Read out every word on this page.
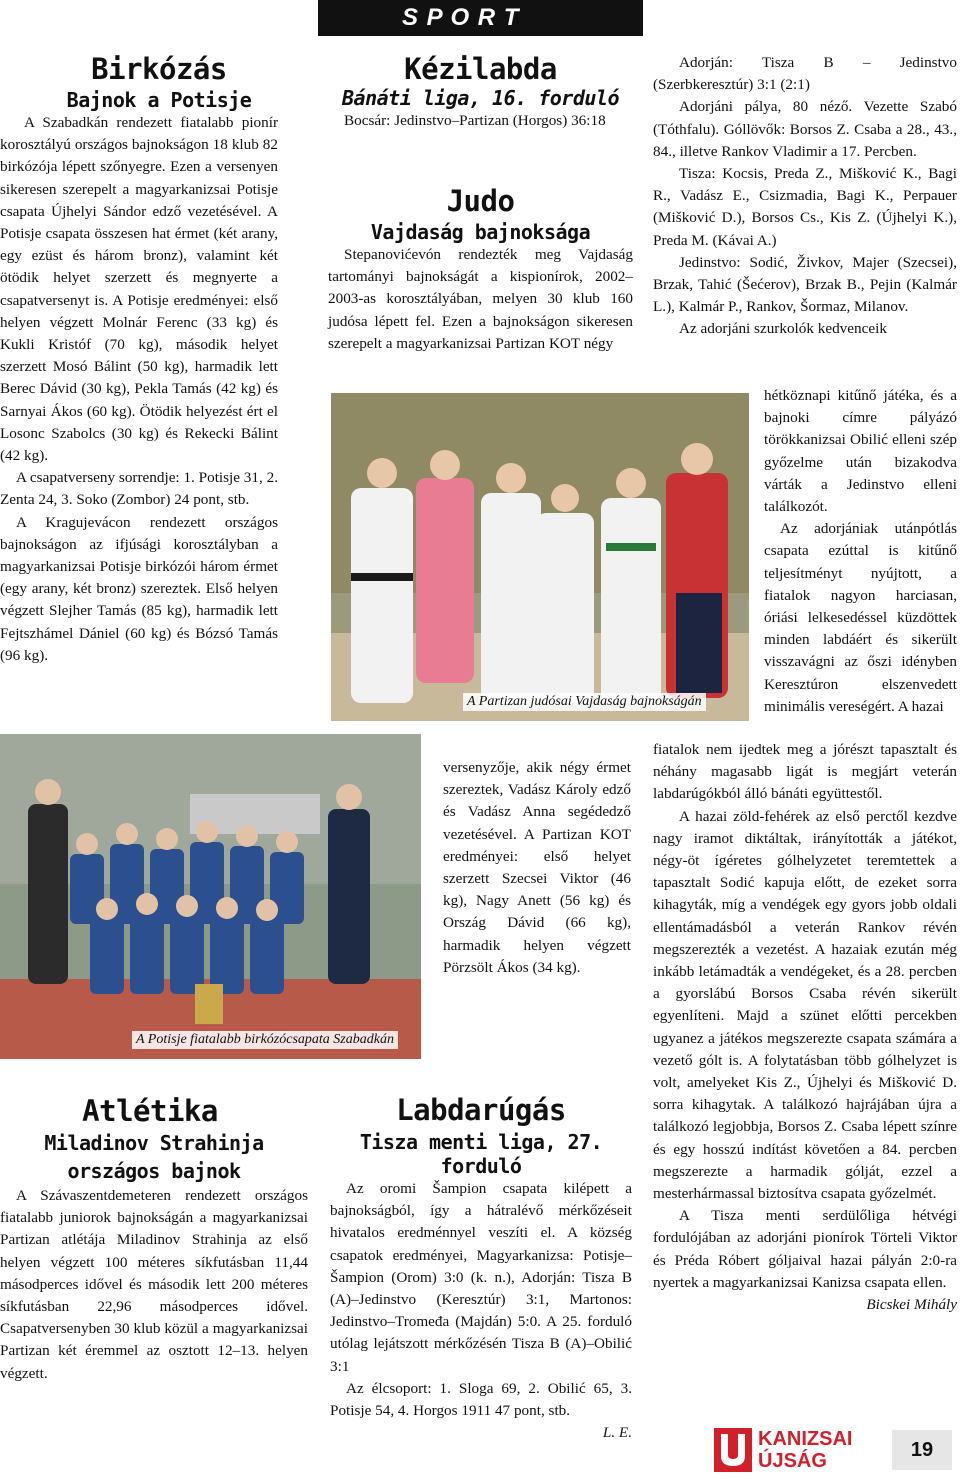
S P O R T
Birkózás
Bajnok a Potisje

A Szabadkán rendezett fiatalabb pionír korosztályú országos bajnokságon 18 klub 82 birkózója lépett szőnyegre. Ezen a versenyen sikeresen szerepelt a magyarkanizsai Potisje csapata Újhelyi Sándor edző vezetésével. A Potisje csapata összesen hat érmet (két arany, egy ezüst és három bronz), valamint két ötödik helyet szerzett és megnyerte a csapatversenyt is. A Potisje eredményei: első helyen végzett Molnár Ferenc (33 kg) és Kukli Kristóf (70 kg), második helyet szerzett Mosó Bálint (50 kg), harmadik lett Berec Dávid (30 kg), Pekla Tamás (42 kg) és Sarnyai Ákos (60 kg). Ötödik helyezést ért el Losonc Szabolcs (30 kg) és Rekecki Bálint (42 kg).

A csapatverseny sorrendje: 1. Potisje 31, 2. Zenta 24, 3. Soko (Zombor) 24 pont, stb.

A Kragujevácon rendezett országos bajnokságon az ifjúsági korosztályban a magyarkanizsai Potisje birkózói három érmet (egy arany, két bronz) szereztek. Első helyen végzett Slejher Tamás (85 kg), harmadik lett Fejtszhámel Dániel (60 kg) és Bózsó Tamás (96 kg).

A Potisje fiatalabb birkózócsapata Szabadkán
Atlétika
Miladinov Strahinja
országos bajnok

A Szávaszentdemeteren rendezett országos fiatalabb juniorok bajnokságán a magyarkanizsai Partizan atlétája Miladinov Strahinja az első helyen végzett 100 méteres síkfutásban 11,44 másodperces idővel és második lett 200 méteres síkfutásban 22,96 másodperces idővel. Csapatversenyben 30 klub közül a magyarkanizsai Partizan két éremmel az osztott 12–13. helyen végzett.

Kézilabda
Bánáti liga, 16. forduló

Bocsár: Jedinstvo–Partizan (Horgos) 36:18

Judo
Vajdaság bajnoksága

Stepanovićevón rendezték meg Vajdaság tartományi bajnokságát a kispionírok, 2002–2003-as korosztályában, melyen 30 klub 160 judósa lépett fel. Ezen a bajnokságon sikeresen szerepelt a magyarkanizsai Partizan KOT négy

A Partizan judósai Vajdaság bajnokságán

versenyzője, akik négy érmet szereztek, Vadász Károly edző és Vadász Anna segédedző vezetésével. A Partizan KOT eredményei: első helyet szerzett Szecsei Viktor (46 kg), Nagy Anett (56 kg) és Ország Dávid (66 kg), harmadik helyen végzett Pörzsölt Ákos (34 kg).

Labdarúgás
Tisza menti liga, 27. forduló

Az oromi Šampion csapata kilépett a bajnokságból, így a hátralévő mérkőzéseit hivatalos eredménnyel veszíti el. A község csapatok eredményei, Magyarkanizsa: Potisje–Šampion (Orom) 3:0 (k. n.), Adorján: Tisza B (A)–Jedinstvo (Keresztúr) 3:1, Martonos: Jedinstvo–Tromeđa (Majdán) 5:0. A 25. forduló utólag lejátszott mérkőzésén Tisza B (A)–Obilić 3:1

Az élcsoport: 1. Sloga 69, 2. Obilić 65, 3. Potisje 54, 4. Horgos 1911 47 pont, stb.

L. E.

Adorján: Tisza B – Jedinstvo (Szerbkeresztúr) 3:1 (2:1)

Adorjáni pálya, 80 néző. Vezette Szabó (Tóthfalu). Góllövők: Borsos Z. Csaba a 28., 43., 84., illetve Rankov Vladimir a 17. Percben.

Tisza: Kocsis, Preda Z., Mišković K., Bagi R., Vadász E., Csizmadia, Bagi K., Perpauer (Mišković D.), Borsos Cs., Kis Z. (Újhelyi K.), Preda M. (Kávai A.)

Jedinstvo: Sodić, Živkov, Majer (Szecsei), Brzak, Tahić (Šećerov), Brzak B., Pejin (Kalmár L.), Kalmár P., Rankov, Šormaz, Milanov.

Az adorjáni szurkolók kedvenceik

hétköznapi kitűnő játéka, és a bajnoki címre pályázó törökkanizsai Obilić elleni szép győzelme után bizakodva várták a Jedinstvo elleni találkozót.

Az adorjániak utánpótlás csapata ezúttal is kitűnő teljesítményt nyújtott, a fiatalok nagyon harciasan, óriási lelkesedéssel küzdöttek minden labdáért és sikerült visszavágni az őszi idényben Keresztúron elszenvedett minimális vereségért. A hazai

fiatalok nem ijedtek meg a jórészt tapasztalt és néhány magasabb ligát is megjárt veterán labdarúgókból álló bánáti együttestől.

A hazai zöld-fehérek az első perctől kezdve nagy iramot diktáltak, irányították a játékot, négy-öt ígéretes gólhelyzetet teremtettek a tapasztalt Sodić kapuja előtt, de ezeket sorra kihagyták, míg a vendégek egy gyors jobb oldali ellentámadásból a veterán Rankov révén megszerezték a vezetést. A hazaiak ezután még inkább letámadták a vendégeket, és a 28. percben a gyorslábú Borsos Csaba révén sikerült egyenlíteni. Majd a szünet előtti percekben ugyanez a játékos megszerezte csapata számára a vezető gólt is. A folytatásban több gólhelyzet is volt, amelyeket Kis Z., Újhelyi és Mišković D. sorra kihagytak. A találkozó hajrájában újra a találkozó legjobbja, Borsos Z. Csaba lépett színre és egy hosszú indítást követően a 84. percben megszerezte a harmadik gólját, ezzel a mesterhármassal biztosítva csapata győzelmét.

A Tisza menti serdülőliga hétvégi fordulójában az adorjáni pionírok Törteli Viktor és Préda Róbert góljaival hazai pályán 2:0-ra nyertek a magyarkanizsai Kanizsa csapata ellen.

Bicskei Mihály
KANIZSAI
ÚJSÁG	19
